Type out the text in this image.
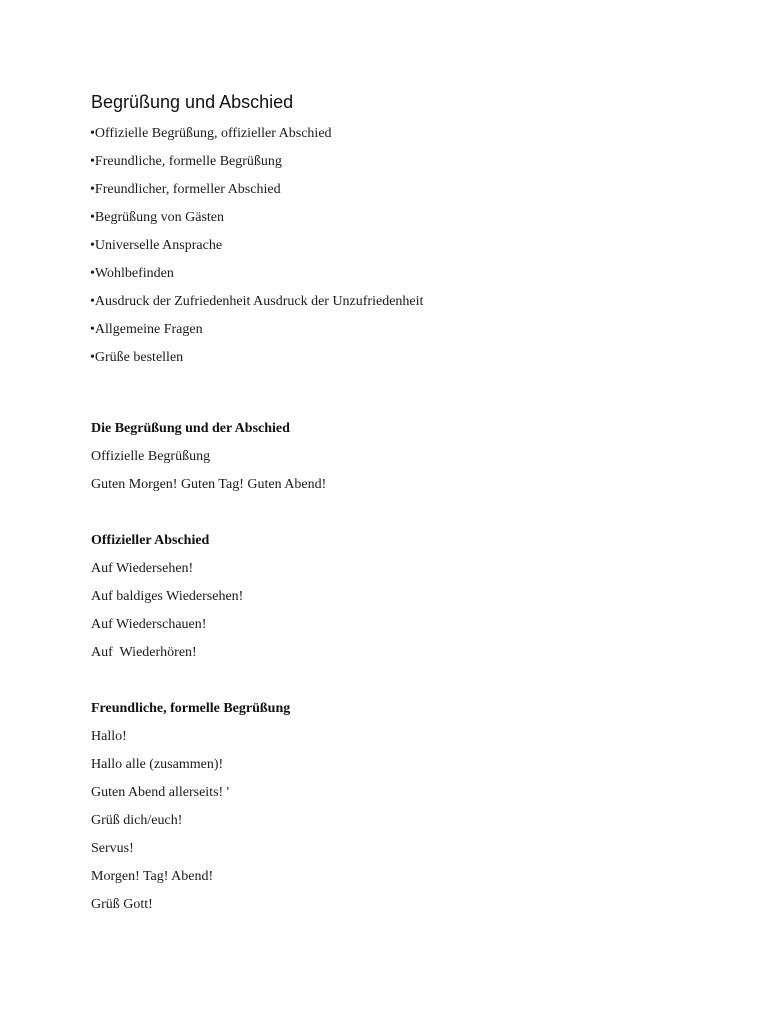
Begrüßung und Abschied
•Offizielle Begrüßung, offizieller Abschied
•Freundliche, formelle Begrüßung
•Freundlicher, formeller Abschied
•Begrüßung von Gästen
•Universelle Ansprache
•Wohlbefinden
•Ausdruck der Zufriedenheit Ausdruck der Unzufriedenheit
•Allgemeine Fragen
•Grüße bestellen
Die Begrüßung und der Abschied
Offizielle Begrüßung
Guten Morgen! Guten Tag! Guten Abend!
Offizieller Abschied
Auf Wiedersehen!
Auf baldiges Wiedersehen!
Auf Wiederschauen!
Auf  Wiederhören!
Freundliche, formelle Begrüßung
Hallo!
Hallo alle (zusammen)!
Guten Abend allerseits! '
Grüß dich/euch!
Servus!
Morgen! Tag! Abend!
Grüß Gott!
